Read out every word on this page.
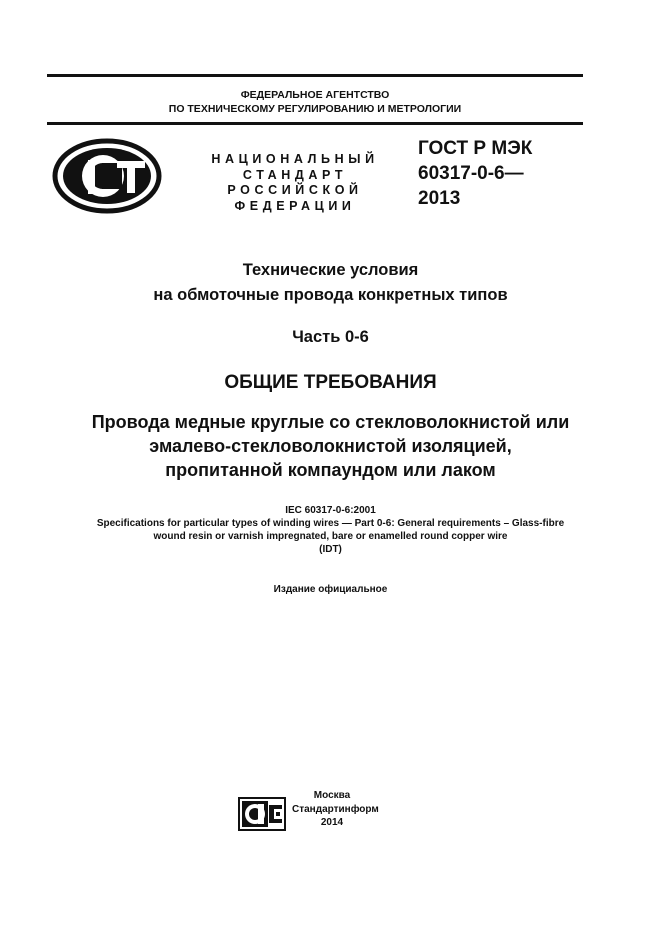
ФЕДЕРАЛЬНОЕ АГЕНТСТВО
ПО ТЕХНИЧЕСКОМУ РЕГУЛИРОВАНИЮ И МЕТРОЛОГИИ
НАЦИОНАЛЬНЫЙ
СТАНДАРТ
РОССИЙСКОЙ
ФЕДЕРАЦИИ
ГОСТ Р МЭК
60317-0-6—
2013
Технические условия
на обмоточные провода конкретных типов
Часть 0-6
ОБЩИЕ ТРЕБОВАНИЯ
Провода медные круглые со стекловолокнистой или
эмалево-стекловолокнистой изоляцией,
пропитанной компаундом или лаком
IEC 60317-0-6:2001
Specifications for particular types of winding wires — Part 0-6: General requirements – Glass-fibre
wound resin or varnish impregnated, bare or enamelled round copper wire
(IDT)
Издание официальное
Москва
Стандартинформ
2014
